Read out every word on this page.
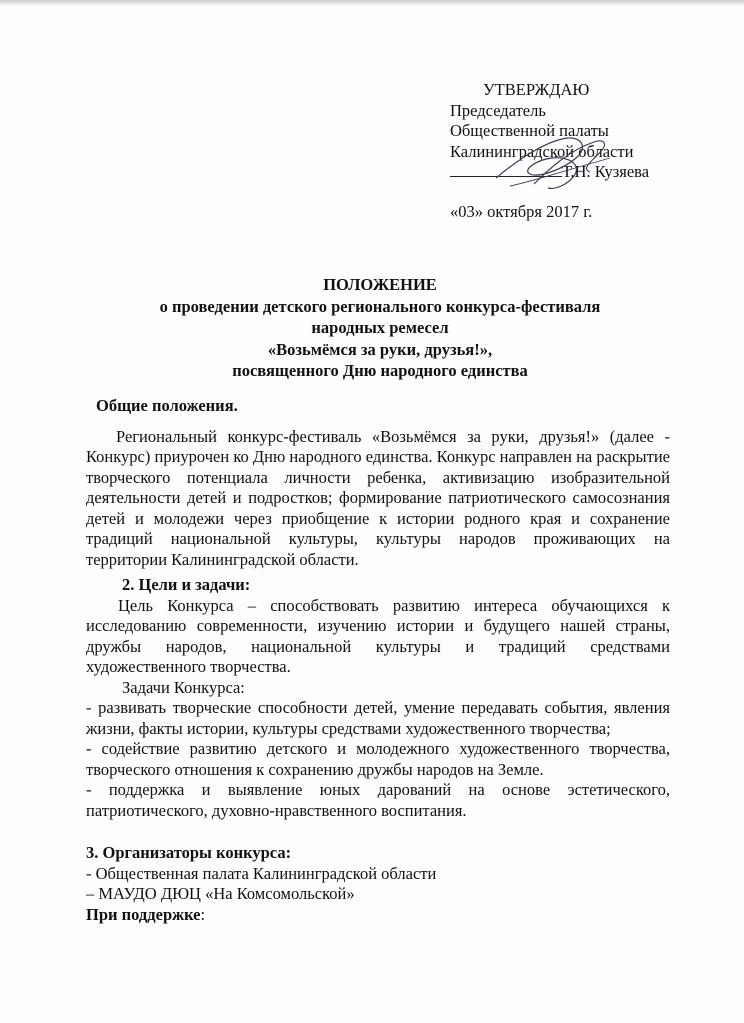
УТВЕРЖДАЮ
Председатель
Общественной палаты
Калининградской области
Т.Н. Кузяева
«03» октября 2017 г.
ПОЛОЖЕНИЕ
о проведении детского регионального конкурса-фестиваля
народных ремесел
«Возьмёмся за руки, друзья!»,
посвященного Дню народного единства

Общие положения.

Региональный конкурс-фестиваль «Возьмёмся за руки, друзья!» (далее - Конкурс) приурочен ко Дню народного единства. Конкурс направлен на раскрытие творческого потенциала личности ребенка, активизацию изобразительной деятельности детей и подростков; формирование патриотического самосознания детей и молодежи через приобщение к истории родного края и сохранение традиций национальной культуры, культуры народов проживающих на территории Калининградской области.

2. Цели и задачи:

Цель Конкурса – способствовать развитию интереса обучающихся к исследованию современности, изучению истории и будущего нашей страны, дружбы народов, национальной культуры и традиций средствами художественного творчества.

Задачи Конкурса:

- развивать творческие способности детей, умение передавать события, явления жизни, факты истории, культуры средствами художественного творчества;

- содействие развитию детского и молодежного художественного творчества, творческого отношения к сохранению дружбы народов на Земле.

- поддержка и выявление юных дарований на основе эстетического, патриотического, духовно-нравственного воспитания.

3. Организаторы конкурса:

- Общественная палата Калининградской области

– МАУДО ДЮЦ «На Комсомольской»

При поддержке:
